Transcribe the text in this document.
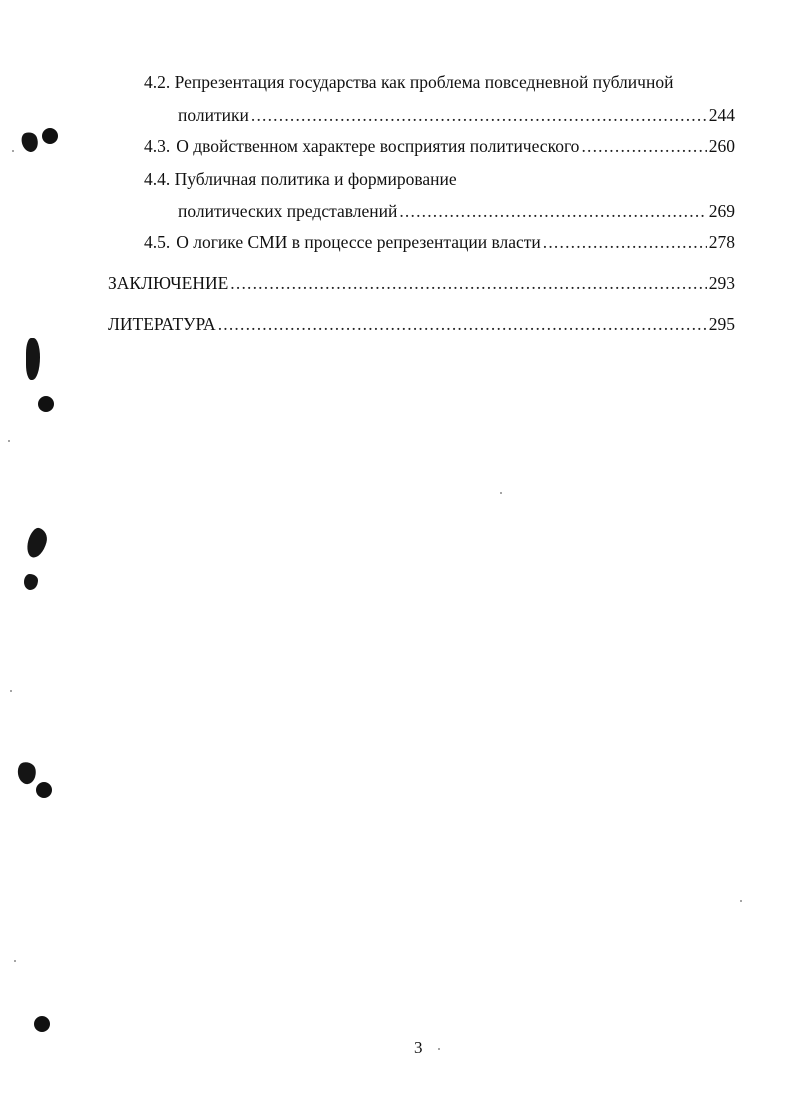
4.2. Репрезентация государства как проблема повседневной публичной
политики .....	244
4.3. О двойственном характере восприятия политического .....	260
4.4. Публичная политика и формирование
политических представлений .....	269
4.5. О логике СМИ в процессе репрезентации власти .....	278
ЗАКЛЮЧЕНИЕ .....	293
ЛИТЕРАТУРА .....	295
3
